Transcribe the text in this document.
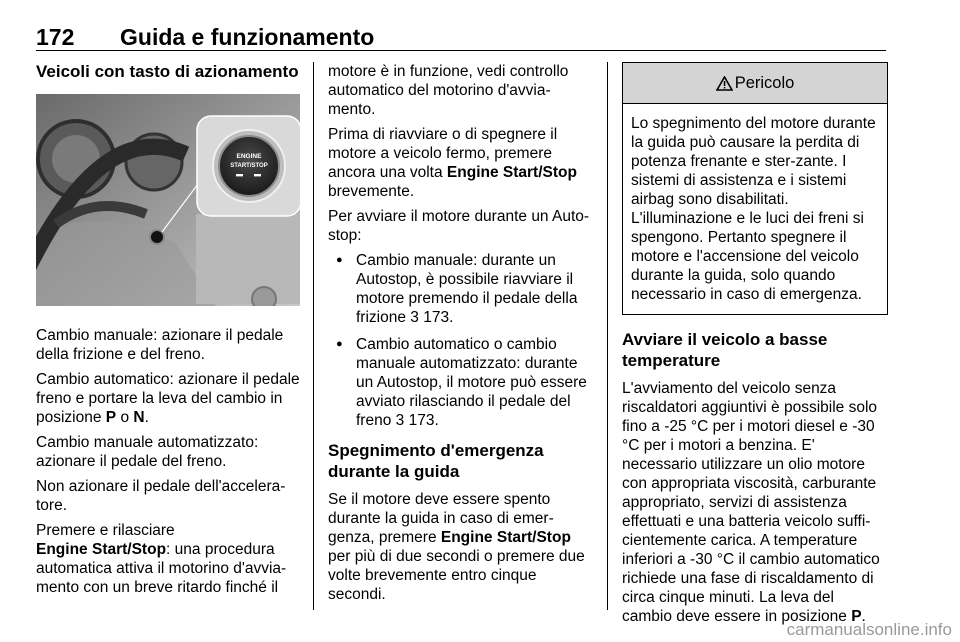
172 Guida e funzionamento
Veicoli con tasto di azionamento
ENGINE
START/STOP

Cambio manuale: azionare il pedale della frizione e del freno.

Cambio automatico: azionare il pedale freno e portare la leva del cambio in posizione P o N.

Cambio manuale automatizzato: azionare il pedale del freno.

Non azionare il pedale dell'accelera-tore.

Premere e rilasciare
Engine Start/Stop: una procedura automatica attiva il motorino d'avvia-mento con un breve ritardo finché il

motore è in funzione, vedi controllo automatico del motorino d'avvia-mento.

Prima di riavviare o di spegnere il motore a veicolo fermo, premere ancora una volta Engine Start/Stop brevemente.

Per avviare il motore durante un Auto-stop:

● Cambio manuale: durante un Autostop, è possibile riavviare il motore premendo il pedale della frizione 3 173.
● Cambio automatico o cambio manuale automatizzato: durante un Autostop, il motore può essere avviato rilasciando il pedale del freno 3 173.
Spegnimento d'emergenza durante la guida

Se il motore deve essere spento durante la guida in caso di emer-genza, premere Engine Start/Stop per più di due secondi o premere due volte brevemente entro cinque secondi.

Pericolo
Lo spegnimento del motore durante la guida può causare la perdita di potenza frenante e ster-zante. I sistemi di assistenza e i sistemi airbag sono disabilitati. L'illuminazione e le luci dei freni si spengono. Pertanto spegnere il motore e l'accensione del veicolo durante la guida, solo quando necessario in caso di emergenza.
Avviare il veicolo a basse temperature

L'avviamento del veicolo senza riscaldatori aggiuntivi è possibile solo fino a -25 °C per i motori diesel e -30 °C per i motori a benzina. E' necessario utilizzare un olio motore con appropriata viscosità, carburante appropriato, servizi di assistenza effettuati e una batteria veicolo suffi-cientemente carica. A temperature inferiori a -30 °C il cambio automatico richiede una fase di riscaldamento di circa cinque minuti. La leva del cambio deve essere in posizione P.

carmanualsonline.info
